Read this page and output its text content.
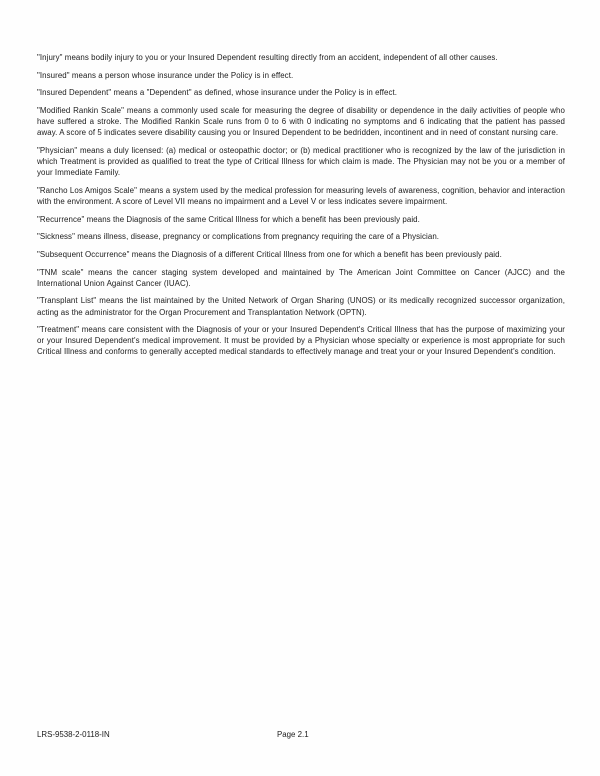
"Injury" means bodily injury to you or your Insured Dependent resulting directly from an accident, independent of all other causes.

"Insured" means a person whose insurance under the Policy is in effect.

"Insured Dependent" means a "Dependent" as defined, whose insurance under the Policy is in effect.

"Modified Rankin Scale" means a commonly used scale for measuring the degree of disability or dependence in the daily activities of people who have suffered a stroke. The Modified Rankin Scale runs from 0 to 6 with 0 indicating no symptoms and 6 indicating that the patient has passed away. A score of 5 indicates severe disability causing you or Insured Dependent to be bedridden, incontinent and in need of constant nursing care.

"Physician" means a duly licensed: (a) medical or osteopathic doctor; or (b) medical practitioner who is recognized by the law of the jurisdiction in which Treatment is provided as qualified to treat the type of Critical Illness for which claim is made. The Physician may not be you or a member of your Immediate Family.

"Rancho Los Amigos Scale" means a system used by the medical profession for measuring levels of awareness, cognition, behavior and interaction with the environment. A score of Level VII means no impairment and a Level V or less indicates severe impairment.

"Recurrence" means the Diagnosis of the same Critical Illness for which a benefit has been previously paid.

"Sickness" means illness, disease, pregnancy or complications from pregnancy requiring the care of a Physician.

"Subsequent Occurrence" means the Diagnosis of a different Critical Illness from one for which a benefit has been previously paid.

"TNM scale" means the cancer staging system developed and maintained by The American Joint Committee on Cancer (AJCC) and the International Union Against Cancer (IUAC).

"Transplant List" means the list maintained by the United Network of Organ Sharing (UNOS) or its medically recognized successor organization, acting as the administrator for the Organ Procurement and Transplantation Network (OPTN).

"Treatment" means care consistent with the Diagnosis of your or your Insured Dependent's Critical Illness that has the purpose of maximizing your or your Insured Dependent's medical improvement. It must be provided by a Physician whose specialty or experience is most appropriate for such Critical Illness and conforms to generally accepted medical standards to effectively manage and treat your or your Insured Dependent's condition.

LRS-9538-2-0118-IN	Page 2.1
